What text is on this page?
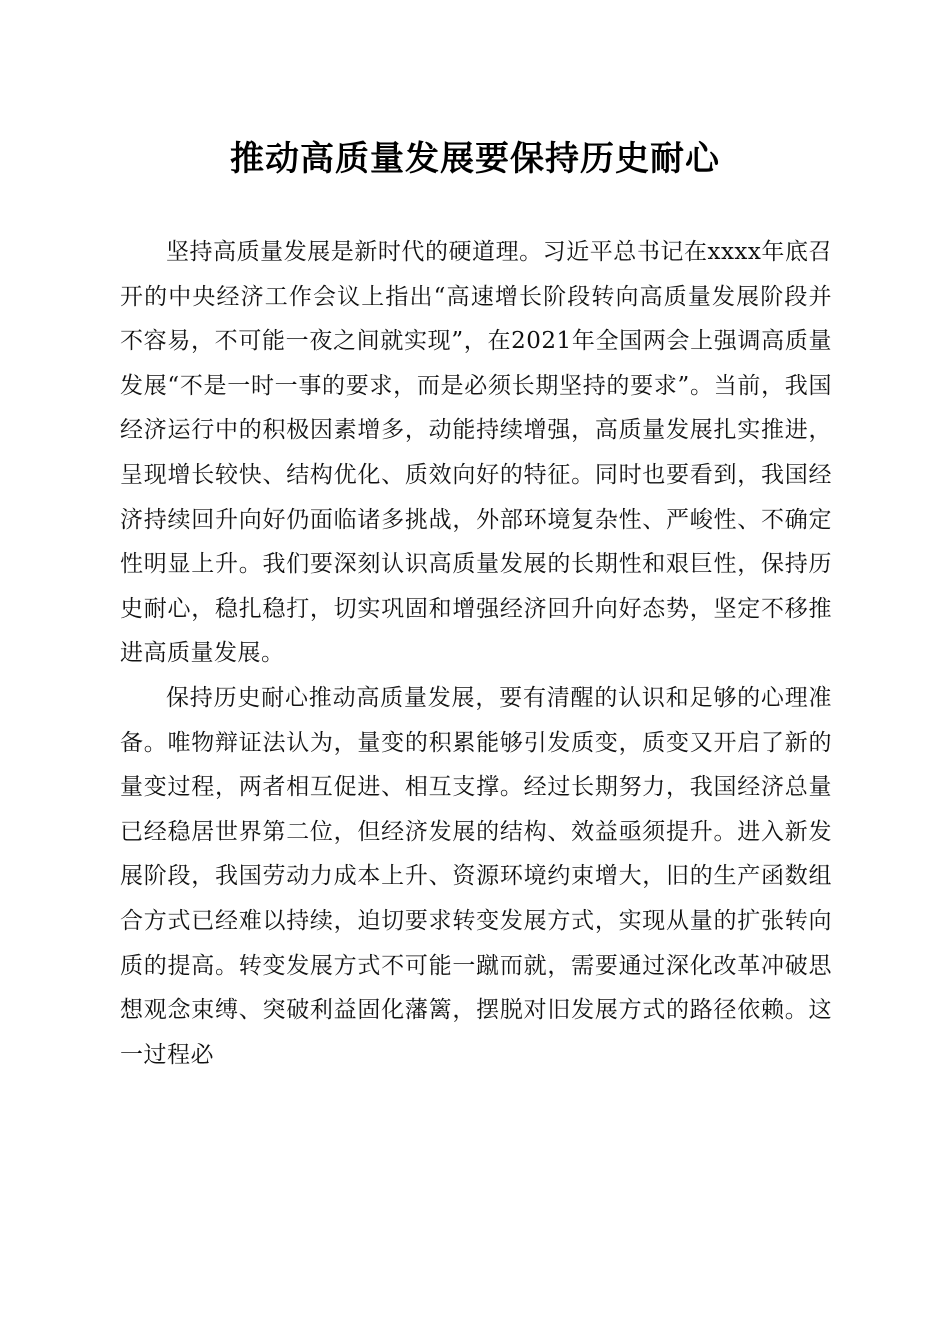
推动高质量发展要保持历史耐心

坚持高质量发展是新时代的硬道理。习近平总书记在xxxx年底召开的中央经济工作会议上指出“高速增长阶段转向高质量发展阶段并不容易，不可能一夜之间就实现”，在2021年全国两会上强调高质量发展“不是一时一事的要求，而是必须长期坚持的要求”。当前，我国经济运行中的积极因素增多，动能持续增强，高质量发展扎实推进，呈现增长较快、结构优化、质效向好的特征。同时也要看到，我国经济持续回升向好仍面临诸多挑战，外部环境复杂性、严峻性、不确定性明显上升。我们要深刻认识高质量发展的长期性和艰巨性，保持历史耐心，稳扎稳打，切实巩固和增强经济回升向好态势，坚定不移推进高质量发展。

保持历史耐心推动高质量发展，要有清醒的认识和足够的心理准备。唯物辩证法认为，量变的积累能够引发质变，质变又开启了新的量变过程，两者相互促进、相互支撑。经过长期努力，我国经济总量已经稳居世界第二位，但经济发展的结构、效益亟须提升。进入新发展阶段，我国劳动力成本上升、资源环境约束增大，旧的生产函数组合方式已经难以持续，迫切要求转变发展方式，实现从量的扩张转向质的提高。转变发展方式不可能一蹴而就，需要通过深化改革冲破思想观念束缚、突破利益固化藩篱，摆脱对旧发展方式的路径依赖。这一过程必
